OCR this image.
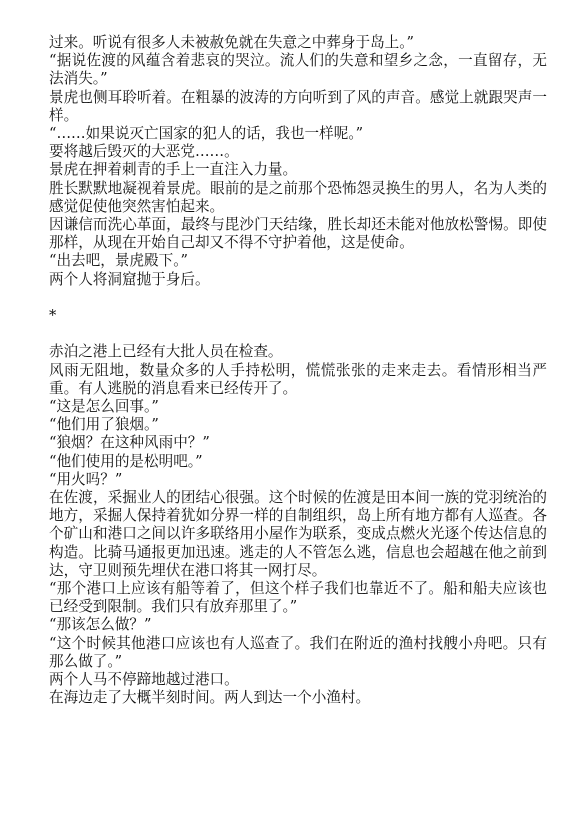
过来。听说有很多人未被赦免就在失意之中葬身于岛上。”

“据说佐渡的风蕴含着悲哀的哭泣。流人们的失意和望乡之念，一直留存，无法消失。”

景虎也侧耳聆听着。在粗暴的波涛的方向听到了风的声音。感觉上就跟哭声一样。

“……如果说灭亡国家的犯人的话，我也一样呢。”

要将越后毁灭的大恶党……。

景虎在押着刺青的手上一直注入力量。

胜长默默地凝视着景虎。眼前的是之前那个恐怖怨灵换生的男人，名为人类的感觉促使他突然害怕起来。

因谦信而洗心革面，最终与毘沙门天结缘，胜长却还未能对他放松警惕。即使那样，从现在开始自己却又不得不守护着他，这是使命。

“出去吧，景虎殿下。”

两个人将洞窟抛于身后。

*

赤泊之港上已经有大批人员在检查。

风雨无阻地，数量众多的人手持松明，慌慌张张的走来走去。看情形相当严重。有人逃脱的消息看来已经传开了。

“这是怎么回事。”

“他们用了狼烟。”

“狼烟？在这种风雨中？”

“他们使用的是松明吧。”

“用火吗？”

在佐渡，采掘业人的团结心很强。这个时候的佐渡是田本间一族的党羽统治的地方，采掘人保持着犹如分界一样的自制组织，岛上所有地方都有人巡查。各个矿山和港口之间以许多联络用小屋作为联系，变成点燃火光逐个传达信息的构造。比骑马通报更加迅速。逃走的人不管怎么逃，信息也会超越在他之前到达，守卫则预先埋伏在港口将其一网打尽。

“那个港口上应该有船等着了，但这个样子我们也靠近不了。船和船夫应该也已经受到限制。我们只有放弃那里了。”

“那该怎么做？”

“这个时候其他港口应该也有人巡查了。我们在附近的渔村找艘小舟吧。只有那么做了。”

两个人马不停蹄地越过港口。

在海边走了大概半刻时间。两人到达一个小渔村。
